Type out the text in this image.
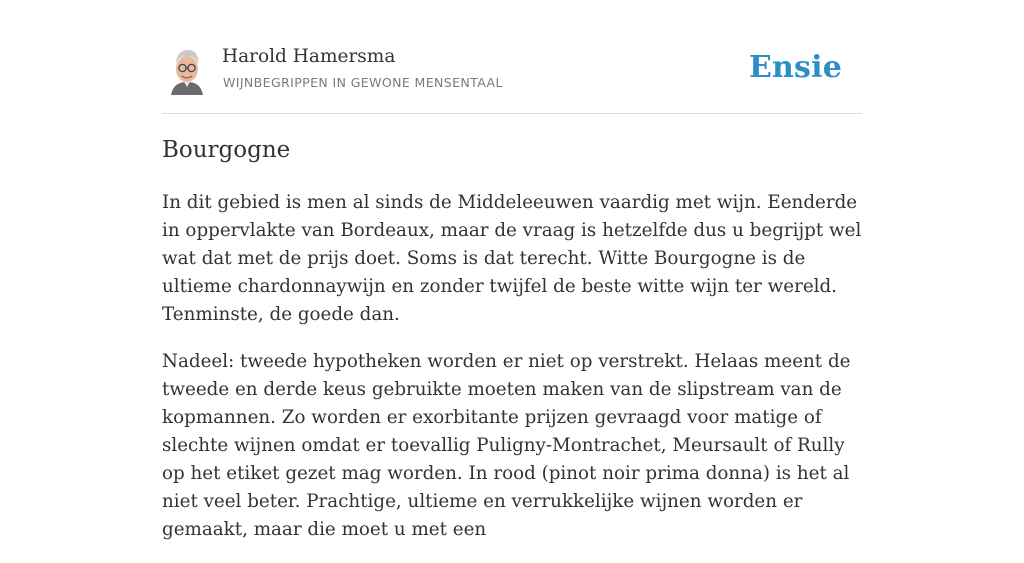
Harold Hamersma
WIJNBEGRIPPEN IN GEWONE MENSENTAAL	Ensie
Bourgogne

In dit gebied is men al sinds de Middeleeuwen vaardig met wijn. Eenderde in oppervlakte van Bordeaux, maar de vraag is hetzelfde dus u begrijpt wel wat dat met de prijs doet. Soms is dat terecht. Witte Bourgogne is de ultieme chardonnaywijn en zonder twijfel de beste witte wijn ter wereld. Tenminste, de goede dan.

Nadeel: tweede hypotheken worden er niet op verstrekt. Helaas meent de tweede en derde keus gebruikte moeten maken van de slipstream van de kopmannen. Zo worden er exorbitante prijzen gevraagd voor matige of slechte wijnen omdat er toevallig Puligny-Montrachet, Meursault of Rully op het etiket gezet mag worden. In rood (pinot noir prima donna) is het al niet veel beter. Prachtige, ultieme en verrukkelijke wijnen worden er gemaakt, maar die moet u met een
